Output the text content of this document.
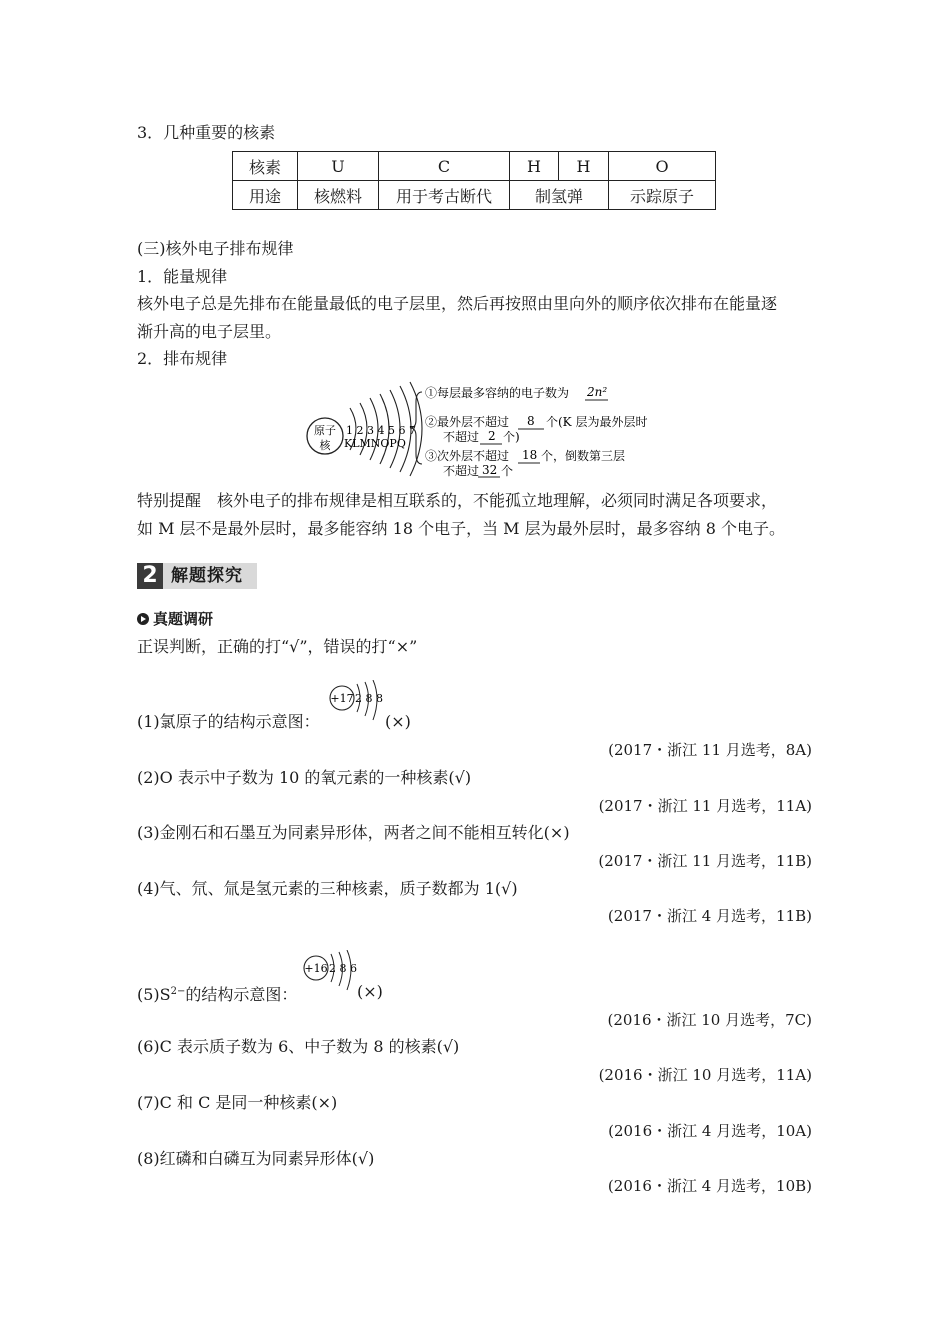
3．几种重要的核素
核素	U	C	H	H	O
用途	核燃料	用于考古断代	制氢弹		示踪原子
(三)核外电子排布规律
1．能量规律
核外电子总是先排布在能量最低的电子层里，然后再按照由里向外的顺序依次排布在能量逐
渐升高的电子层里。
2．排布规律
原子
核
1 2 3 4 5 6 7
KLMNOPQ
①每层最多容纳的电子数为 2n²
②最外层不超过 8 个(K 层为最外层时
不超过 2 个)
③次外层不超过 18 个，倒数第三层
不超过 32 个
特别提醒　核外电子的排布规律是相互联系的，不能孤立地理解，必须同时满足各项要求，
如 M 层不是最外层时，最多能容纳 18 个电子，当 M 层为最外层时，最多容纳 8 个电子。
2 解题探究
真题调研
正误判断，正确的打“√”，错误的打“×”
+17 2 8 8
(1)氯原子的结构示意图：	(×)
(2017・浙江 11 月选考，8A)
(2)O 表示中子数为 10 的氧元素的一种核素(√)
(2017・浙江 11 月选考，11A)
(3)金刚石和石墨互为同素异形体，两者之间不能相互转化(×)
(2017・浙江 11 月选考，11B)
(4)气、氘、氚是氢元素的三种核素，质子数都为 1(√)
(2017・浙江 4 月选考，11B)
+16 2 8 6
$(5)S^{2-}$的结构示意图：	(×)
(2016・浙江 10 月选考，7C)
(6)C 表示质子数为 6、中子数为 8 的核素(√)
(2016・浙江 10 月选考，11A)
(7)C 和 C 是同一种核素(×)
(2016・浙江 4 月选考，10A)
(8)红磷和白磷互为同素异形体(√)
(2016・浙江 4 月选考，10B)
